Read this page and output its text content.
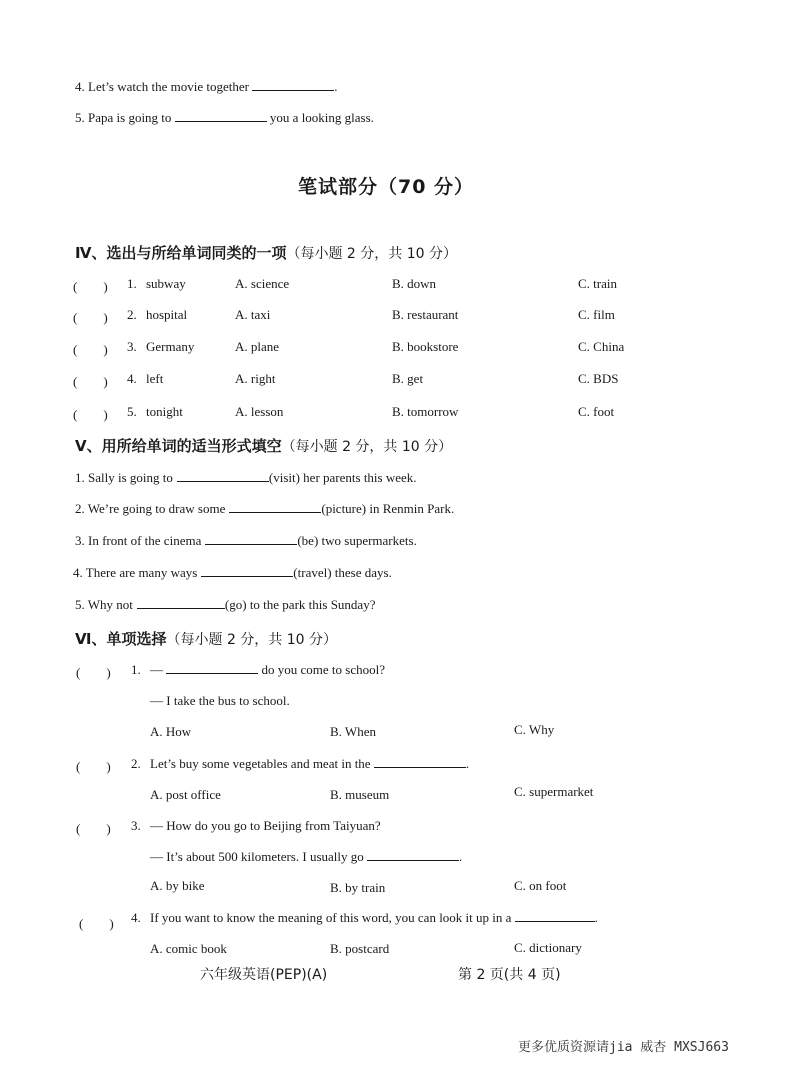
4. Let’s watch the movie together	.
5. Papa is going to	you a looking glass.
笔试部分（70 分）
Ⅳ、选出与所给单词同类的一项（每小题 2 分，共 10 分）
(　　) 1. subway	A. science	B. down	C. train
(　　) 2. hospital	A. taxi	B. restaurant	C. film
(　　) 3. Germany	A. plane	B. bookstore	C. China
(　　) 4. left	A. right	B. get	C. BDS
(　　) 5. tonight	A. lesson	B. tomorrow	C. foot
Ⅴ、用所给单词的适当形式填空（每小题 2 分，共 10 分）
1. Sally is going to	(visit) her parents this week.
2. We’re going to draw some	(picture) in Renmin Park.
3. In front of the cinema	(be) two supermarkets.
4. There are many ways	(travel) these days.
5. Why not	(go) to the park this Sunday?
Ⅵ、单项选择（每小题 2 分，共 10 分）
(　　) 1. —	do you come to school?
— I take the bus to school.
A. How	B. When	C. Why
(　　) 2. Let’s buy some vegetables and meat in the	.
A. post office	B. museum	C. supermarket
(　　) 3. — How do you go to Beijing from Taiyuan?
— It’s about 500 kilometers. I usually go	.
A. by bike	B. by train	C. on foot
(　　) 4. If you want to know the meaning of this word, you can look it up in a	.
A. comic book	B. postcard	C. dictionary
六年级英语(PEP)(A)	第 2 页(共 4 页)
更多优质资源请jia 威杏 MXSJ663
